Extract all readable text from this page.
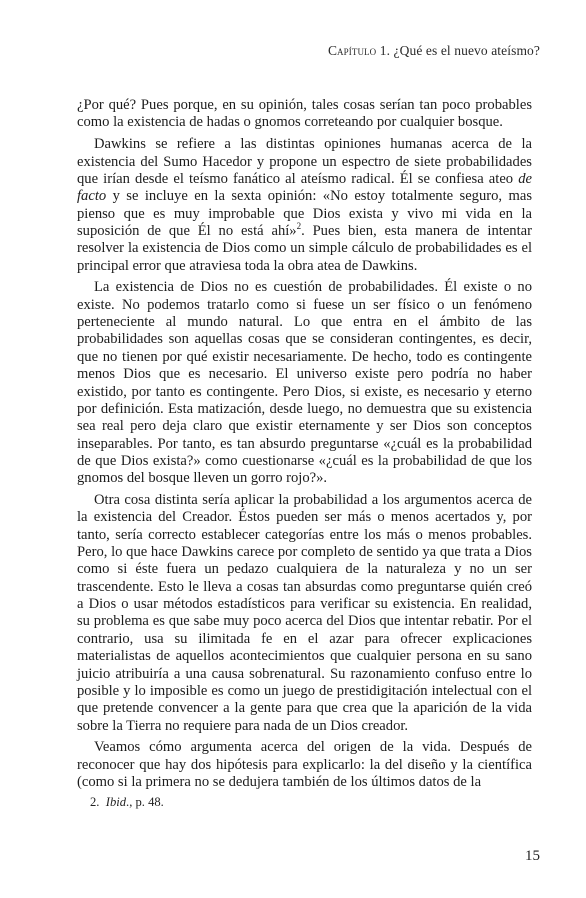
Capítulo 1. ¿Qué es el nuevo ateísmo?

¿Por qué? Pues porque, en su opinión, tales cosas serían tan poco probables como la existencia de hadas o gnomos correteando por cualquier bosque.

Dawkins se refiere a las distintas opiniones humanas acerca de la existencia del Sumo Hacedor y propone un espectro de siete probabilidades que irían desde el teísmo fanático al ateísmo radical. Él se confiesa ateo de facto y se incluye en la sexta opinión: «No estoy totalmente seguro, mas pienso que es muy improbable que Dios exista y vivo mi vida en la suposición de que Él no está ahí»$^2$. Pues bien, esta manera de intentar resolver la existencia de Dios como un simple cálculo de probabilidades es el principal error que atraviesa toda la obra atea de Dawkins.

La existencia de Dios no es cuestión de probabilidades. Él existe o no existe. No podemos tratarlo como si fuese un ser físico o un fenómeno perteneciente al mundo natural. Lo que entra en el ámbito de las probabilidades son aquellas cosas que se consideran contingentes, es decir, que no tienen por qué existir necesariamente. De hecho, todo es contingente menos Dios que es necesario. El universo existe pero podría no haber existido, por tanto es contingente. Pero Dios, si existe, es necesario y eterno por definición. Esta matización, desde luego, no demuestra que su existencia sea real pero deja claro que existir eternamente y ser Dios son conceptos inseparables. Por tanto, es tan absurdo preguntarse «¿cuál es la probabilidad de que Dios exista?» como cuestionarse «¿cuál es la probabilidad de que los gnomos del bosque lleven un gorro rojo?».

Otra cosa distinta sería aplicar la probabilidad a los argumentos acerca de la existencia del Creador. Éstos pueden ser más o menos acertados y, por tanto, sería correcto establecer categorías entre los más o menos probables. Pero, lo que hace Dawkins carece por completo de sentido ya que trata a Dios como si éste fuera un pedazo cualquiera de la naturaleza y no un ser trascendente. Esto le lleva a cosas tan absurdas como preguntarse quién creó a Dios o usar métodos estadísticos para verificar su existencia. En realidad, su problema es que sabe muy poco acerca del Dios que intentar rebatir. Por el contrario, usa su ilimitada fe en el azar para ofrecer explicaciones materialistas de aquellos acontecimientos que cualquier persona en su sano juicio atribuiría a una causa sobrenatural. Su razonamiento confuso entre lo posible y lo imposible es como un juego de prestidigitación intelectual con el que pretende convencer a la gente para que crea que la aparición de la vida sobre la Tierra no requiere para nada de un Dios creador.

Veamos cómo argumenta acerca del origen de la vida. Después de reconocer que hay dos hipótesis para explicarlo: la del diseño y la científica (como si la primera no se dedujera también de los últimos datos de la

2. Ibid., p. 48.
15
